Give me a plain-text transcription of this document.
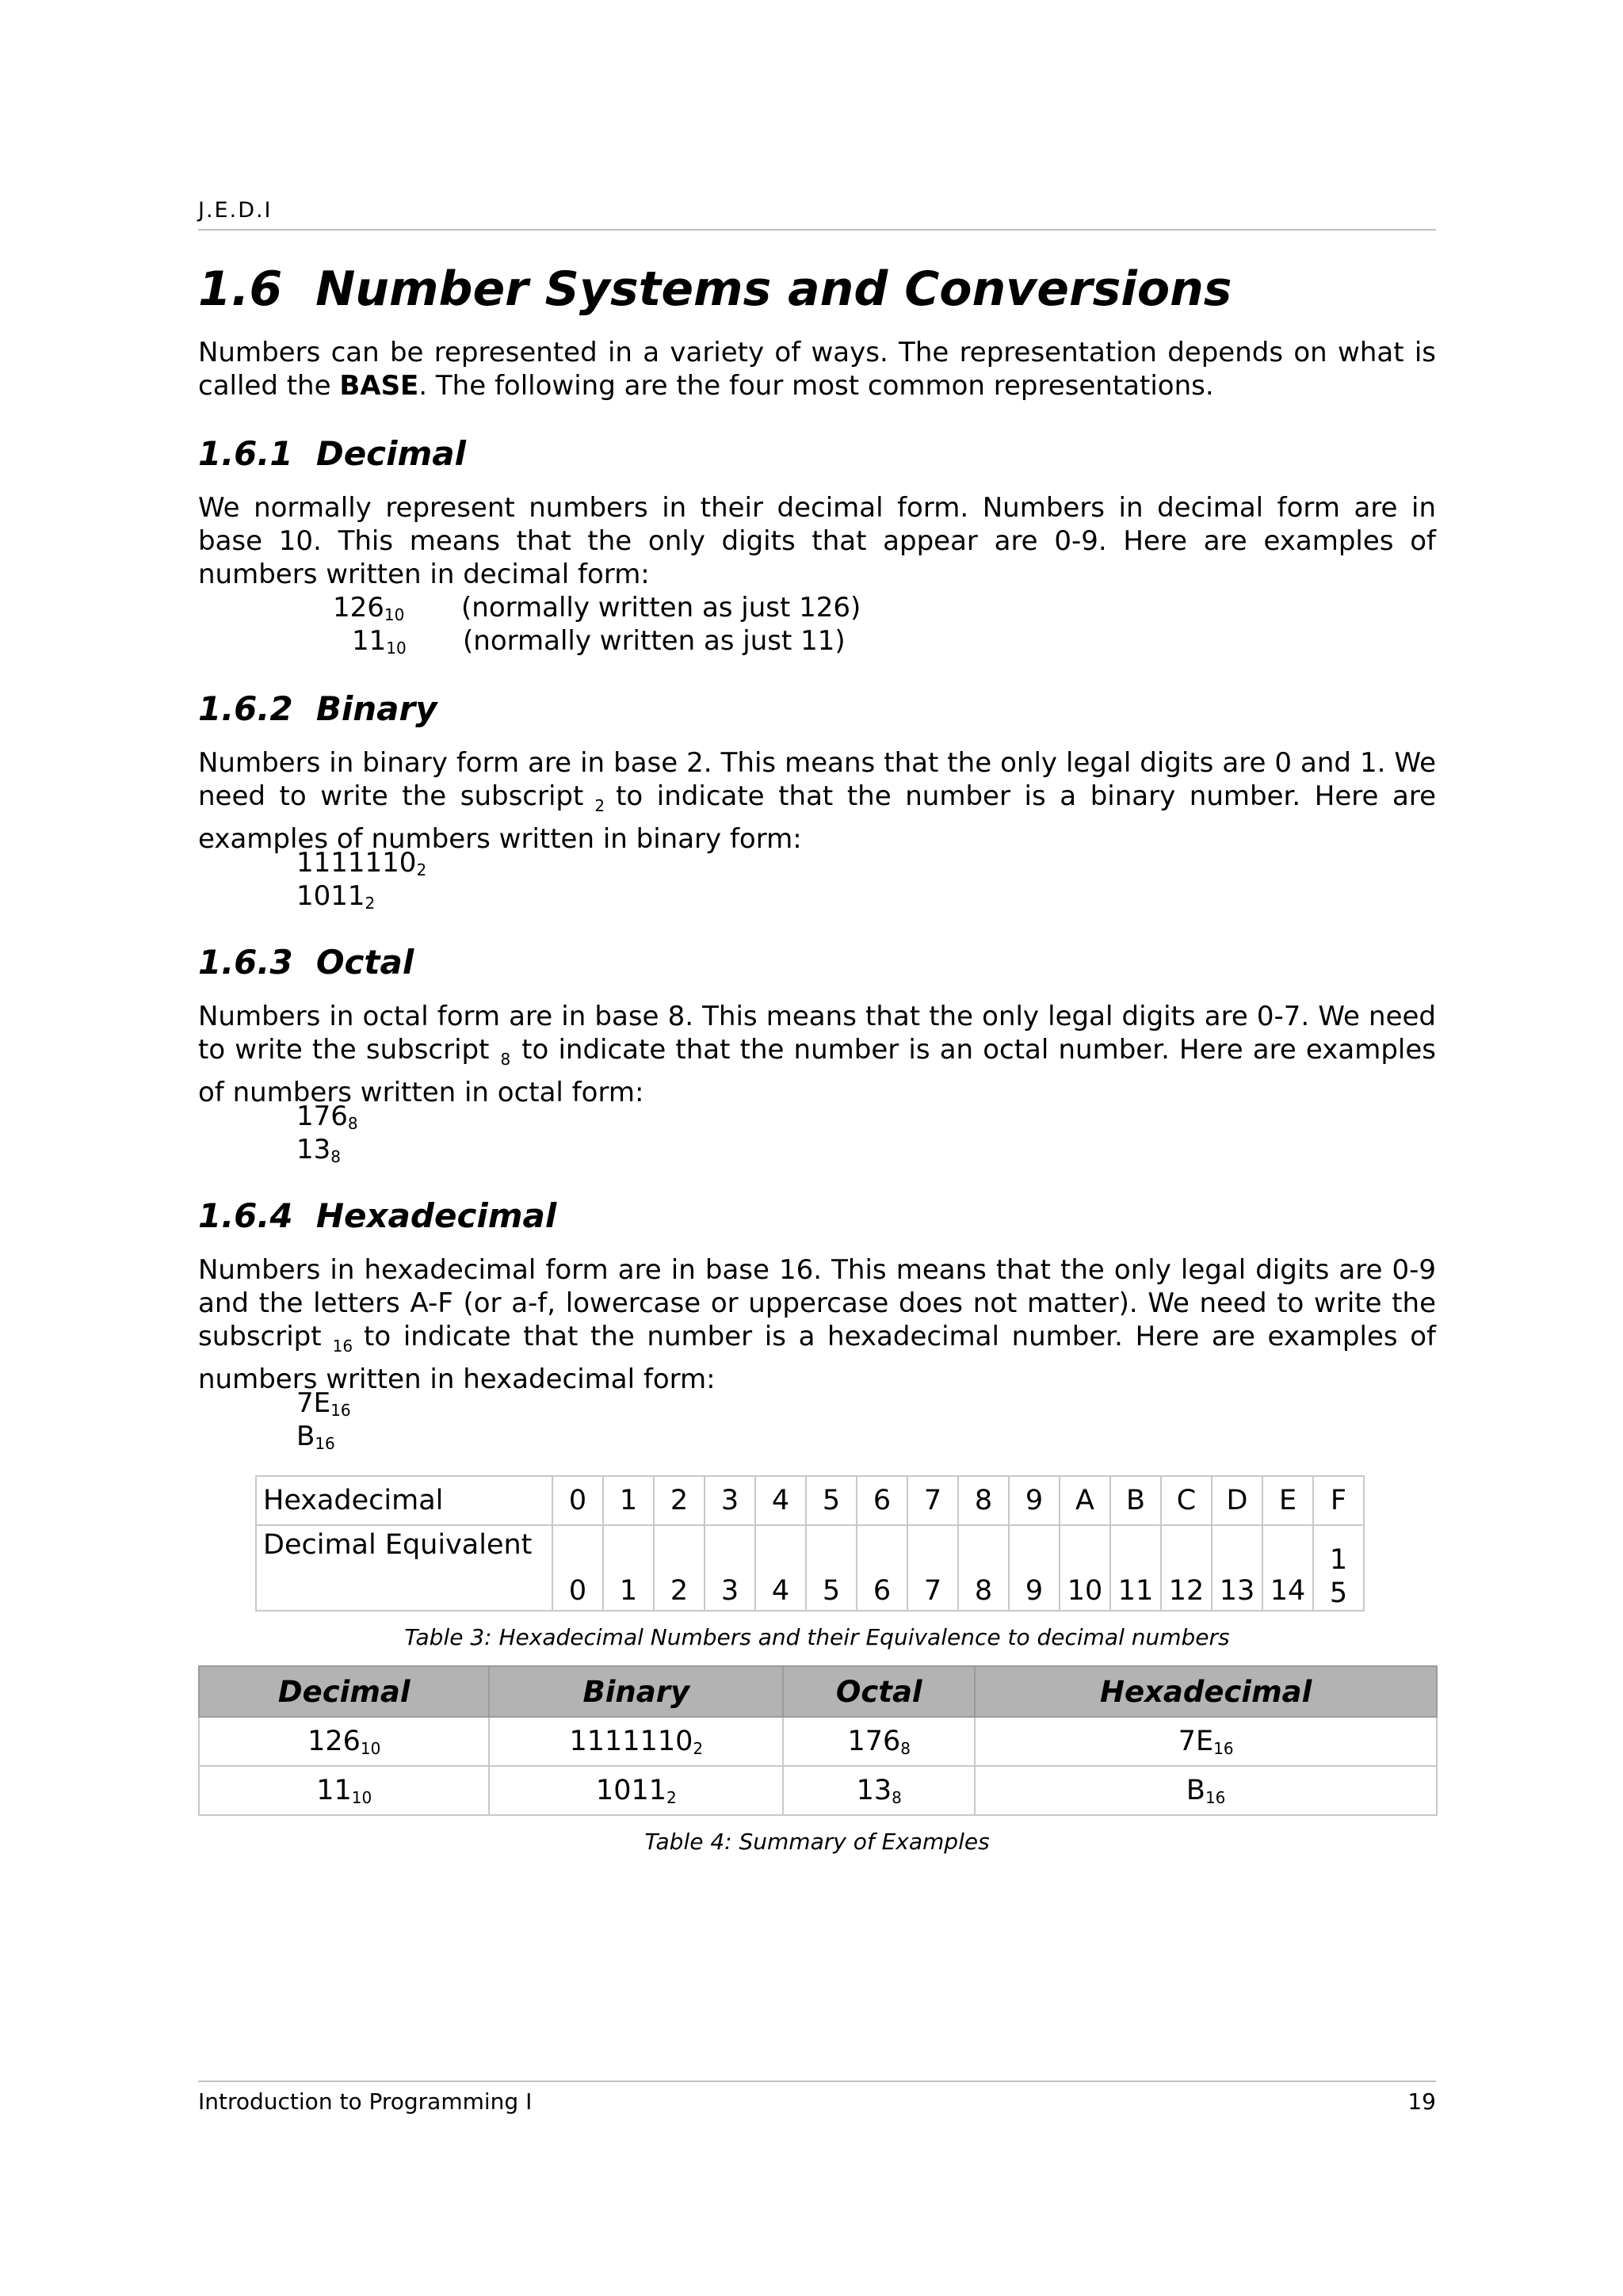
J.E.D.I
1.6  Number Systems and Conversions

Numbers can be represented in a variety of ways. The representation depends on what is called the BASE. The following are the four most common representations.

1.6.1  Decimal

We normally represent numbers in their decimal form. Numbers in decimal form are in base 10. This means that the only digits that appear are 0-9. Here are examples of numbers written in decimal form:

$126_{10}$ (normally written as just 126)
$11_{10}$ (normally written as just 11)
1.6.2  Binary

Numbers in binary form are in base 2. This means that the only legal digits are 0 and 1. We need to write the subscript $_2$ to indicate that the number is a binary number. Here are examples of numbers written in binary form:

$1111110_2$
$1011_2$
1.6.3  Octal

Numbers in octal form are in base 8. This means that the only legal digits are 0-7. We need to write the subscript $_8$ to indicate that the number is an octal number. Here are examples of numbers written in octal form:

$176_8$
$13_8$
1.6.4  Hexadecimal

Numbers in hexadecimal form are in base 16. This means that the only legal digits are 0-9 and the letters A-F (or a-f, lowercase or uppercase does not matter). We need to write the subscript $_{16}$ to indicate that the number is a hexadecimal number. Here are examples of numbers written in hexadecimal form:

$7E_{16}$
$B_{16}$
Hexadecimal	0	1	2	3	4	5	6	7	8	9	A	B	C	D	E	F
Decimal Equivalent	0	1	2	3	4	5	6	7	8	9	10	11	12	13	14	15
Table 3: Hexadecimal Numbers and their Equivalence to decimal numbers
Decimal	Binary	Octal	Hexadecimal
$126_{10}$	$1111110_2$	$176_8$	$7E_{16}$
$11_{10}$	$1011_2$	$13_8$	$B_{16}$
Table 4: Summary of Examples
Introduction to Programming I	19
